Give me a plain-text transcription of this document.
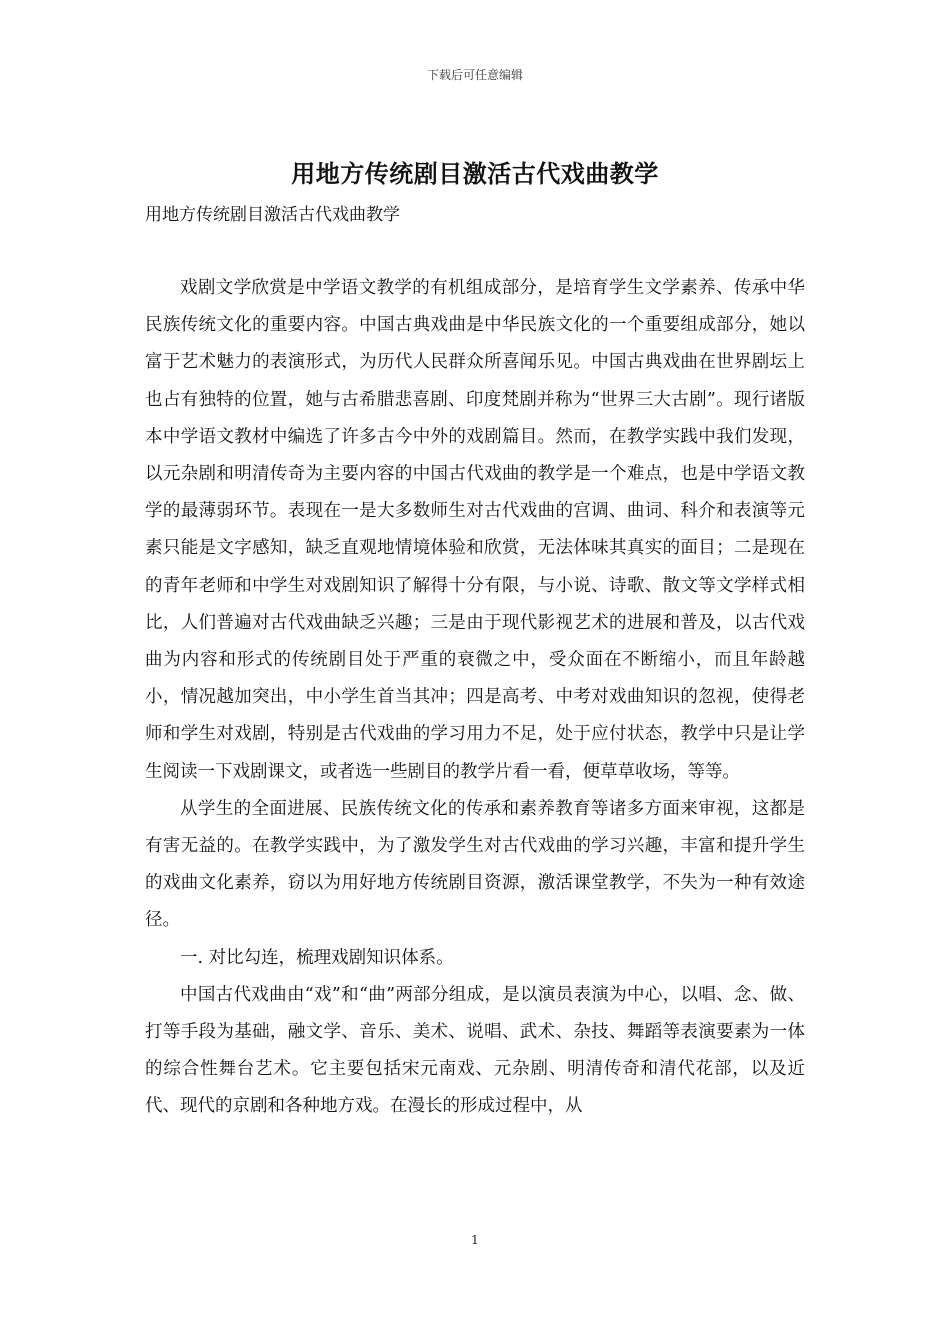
下载后可任意编辑
用地方传统剧目激活古代戏曲教学
用地方传统剧目激活古代戏曲教学

戏剧文学欣赏是中学语文教学的有机组成部分，是培育学生文学素养、传承中华民族传统文化的重要内容。中国古典戏曲是中华民族文化的一个重要组成部分，她以富于艺术魅力的表演形式，为历代人民群众所喜闻乐见。中国古典戏曲在世界剧坛上也占有独特的位置，她与古希腊悲喜剧、印度梵剧并称为“世界三大古剧”。现行诸版本中学语文教材中编选了许多古今中外的戏剧篇目。然而，在教学实践中我们发现，以元杂剧和明清传奇为主要内容的中国古代戏曲的教学是一个难点，也是中学语文教学的最薄弱环节。表现在一是大多数师生对古代戏曲的宫调、曲词、科介和表演等元素只能是文字感知，缺乏直观地情境体验和欣赏，无法体味其真实的面目；二是现在的青年老师和中学生对戏剧知识了解得十分有限，与小说、诗歌、散文等文学样式相比，人们普遍对古代戏曲缺乏兴趣；三是由于现代影视艺术的进展和普及，以古代戏曲为内容和形式的传统剧目处于严重的衰微之中，受众面在不断缩小，而且年龄越小，情况越加突出，中小学生首当其冲；四是高考、中考对戏曲知识的忽视，使得老师和学生对戏剧，特别是古代戏曲的学习用力不足，处于应付状态，教学中只是让学生阅读一下戏剧课文，或者选一些剧目的教学片看一看，便草草收场，等等。

从学生的全面进展、民族传统文化的传承和素养教育等诸多方面来审视，这都是有害无益的。在教学实践中，为了激发学生对古代戏曲的学习兴趣，丰富和提升学生的戏曲文化素养，窃以为用好地方传统剧目资源，激活课堂教学，不失为一种有效途径。

一. 对比勾连，梳理戏剧知识体系。

中国古代戏曲由“戏”和“曲”两部分组成，是以演员表演为中心，以唱、念、做、打等手段为基础，融文学、音乐、美术、说唱、武术、杂技、舞蹈等表演要素为一体的综合性舞台艺术。它主要包括宋元南戏、元杂剧、明清传奇和清代花部，以及近代、现代的京剧和各种地方戏。在漫长的形成过程中，从

1
